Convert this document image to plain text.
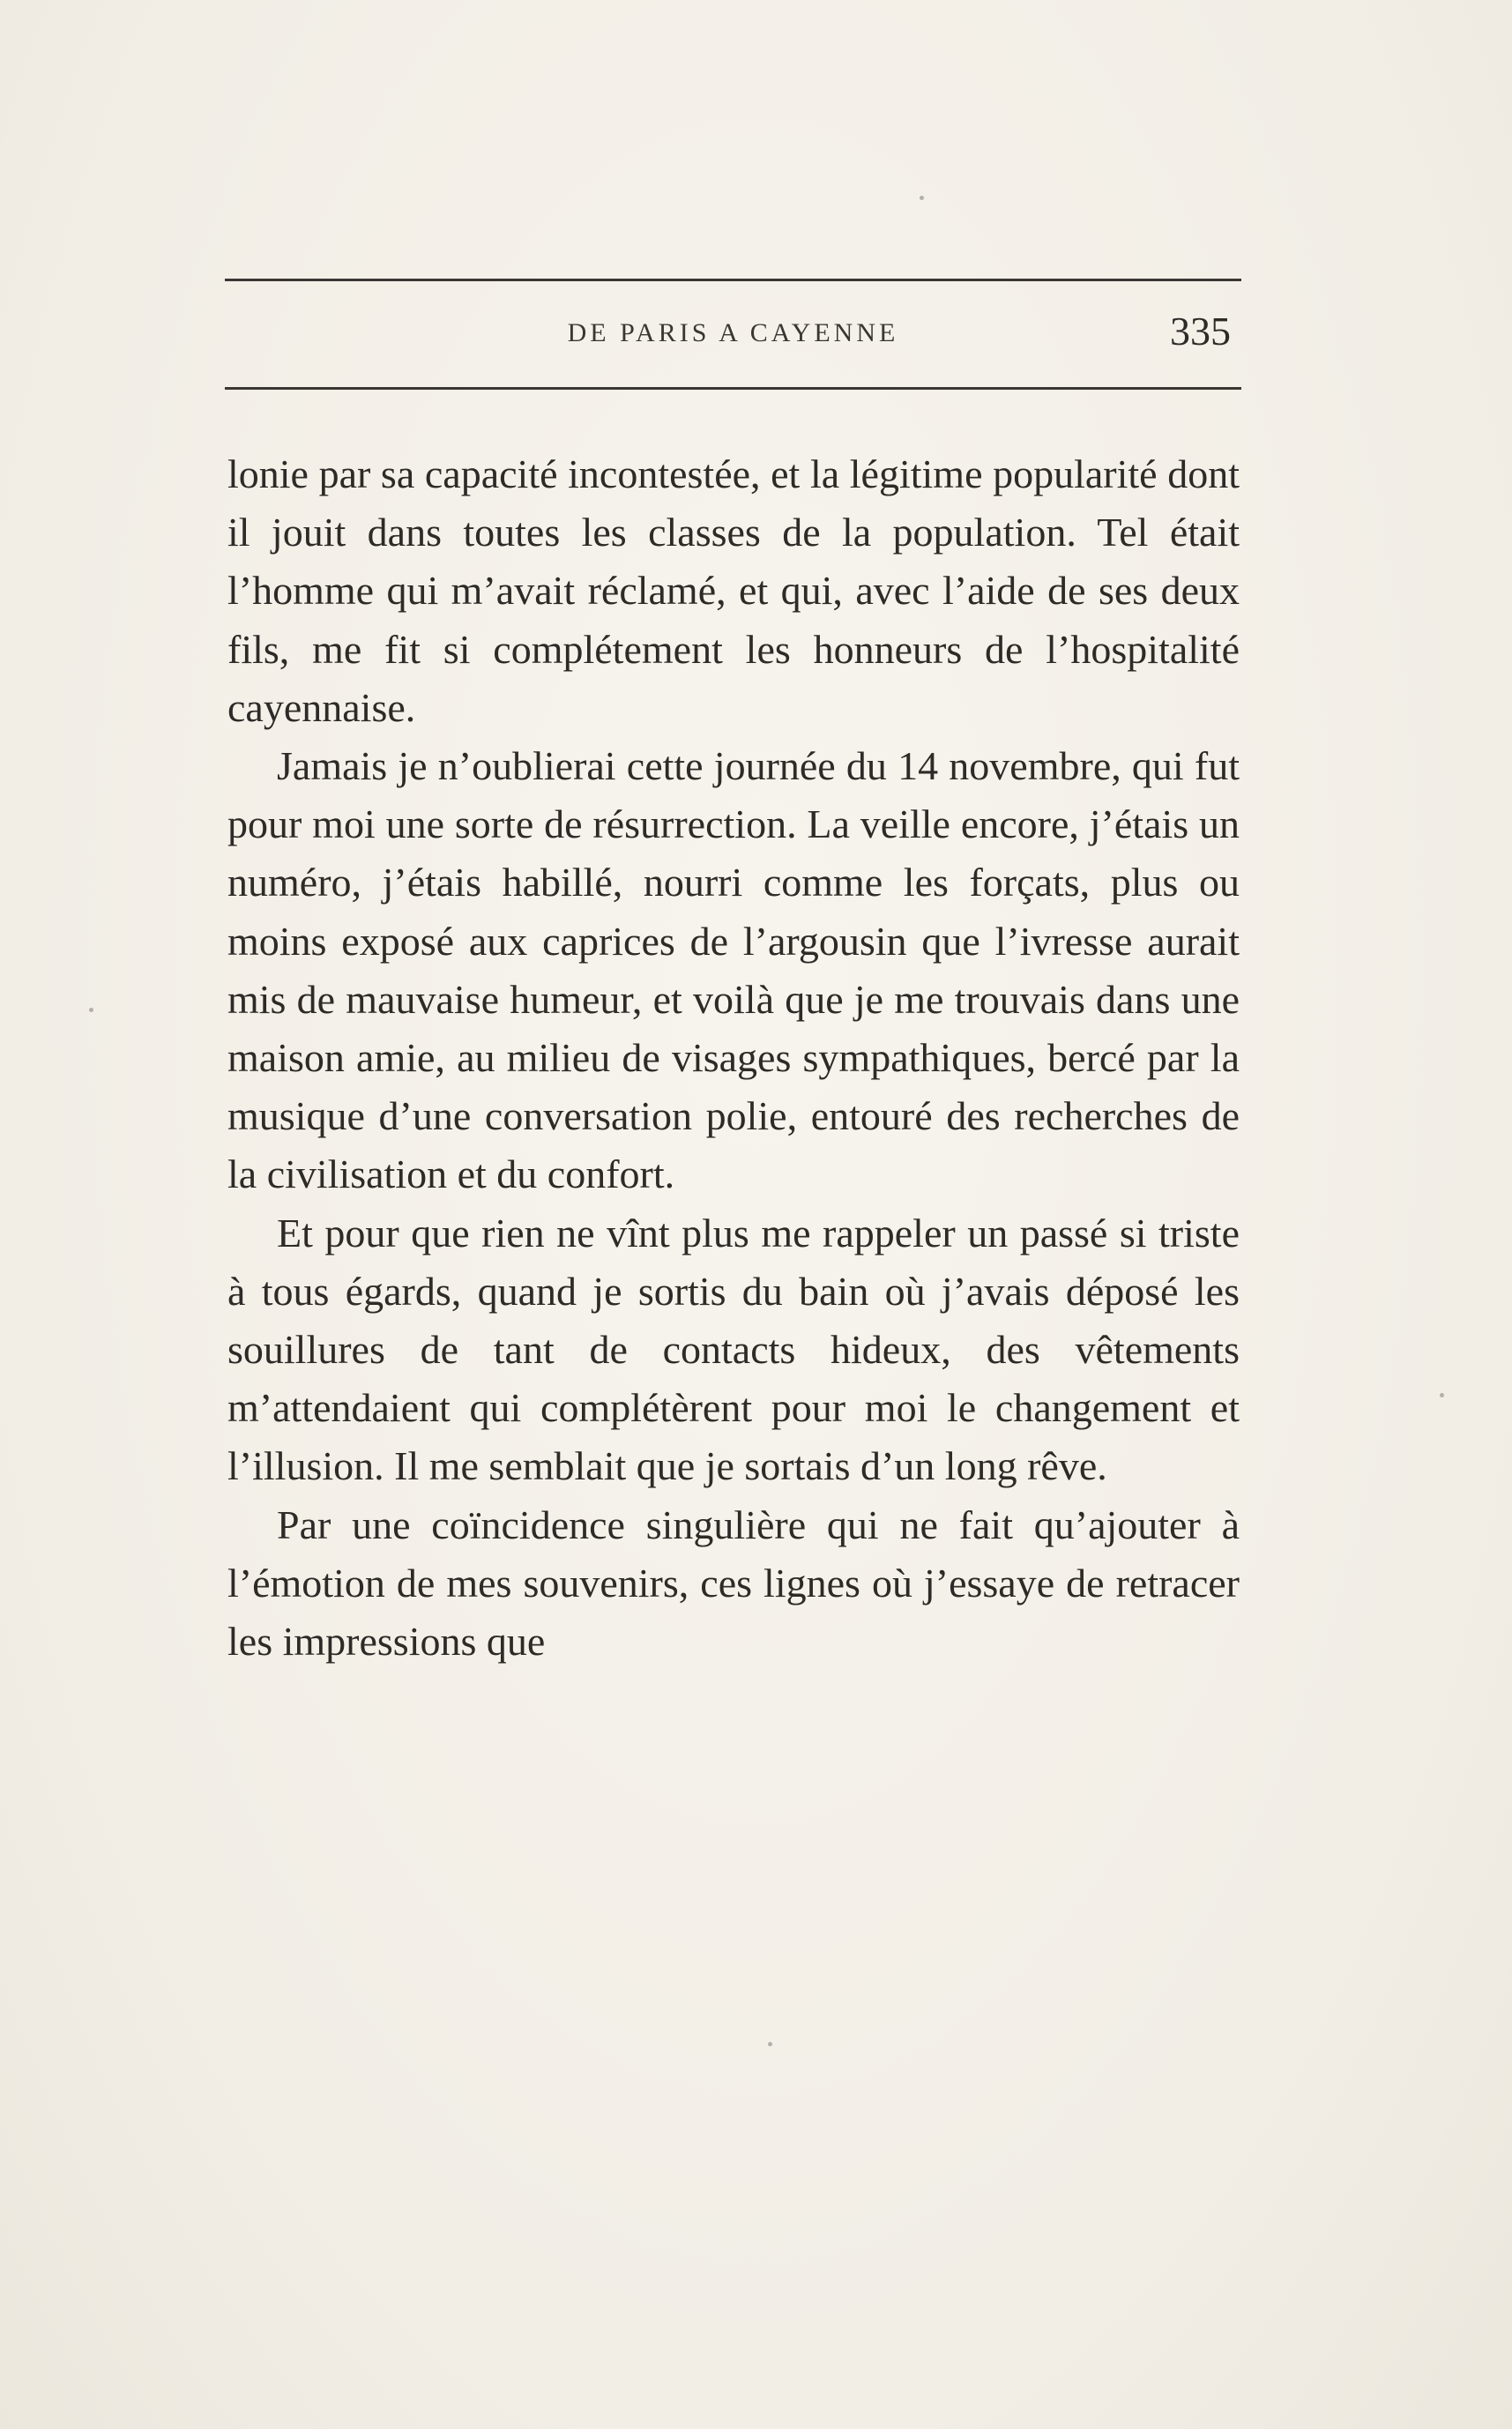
DE PARIS A CAYENNE	335

lonie par sa capacité incontestée, et la légitime popularité dont il jouit dans toutes les classes de la population. Tel était l’homme qui m’avait réclamé, et qui, avec l’aide de ses deux fils, me fit si complétement les honneurs de l’hospitalité cayennaise.

Jamais je n’oublierai cette journée du 14 novembre, qui fut pour moi une sorte de résurrection. La veille encore, j’étais un numéro, j’étais habillé, nourri comme les forçats, plus ou moins exposé aux caprices de l’argousin que l’ivresse aurait mis de mauvaise humeur, et voilà que je me trouvais dans une maison amie, au milieu de visages sympathiques, bercé par la musique d’une conversation polie, entouré des recherches de la civilisation et du confort.

Et pour que rien ne vînt plus me rappeler un passé si triste à tous égards, quand je sortis du bain où j’avais déposé les souillures de tant de contacts hideux, des vêtements m’attendaient qui complétèrent pour moi le changement et l’illusion. Il me semblait que je sortais d’un long rêve.

Par une coïncidence singulière qui ne fait qu’ajouter à l’émotion de mes souvenirs, ces lignes où j’essaye de retracer les impressions que
